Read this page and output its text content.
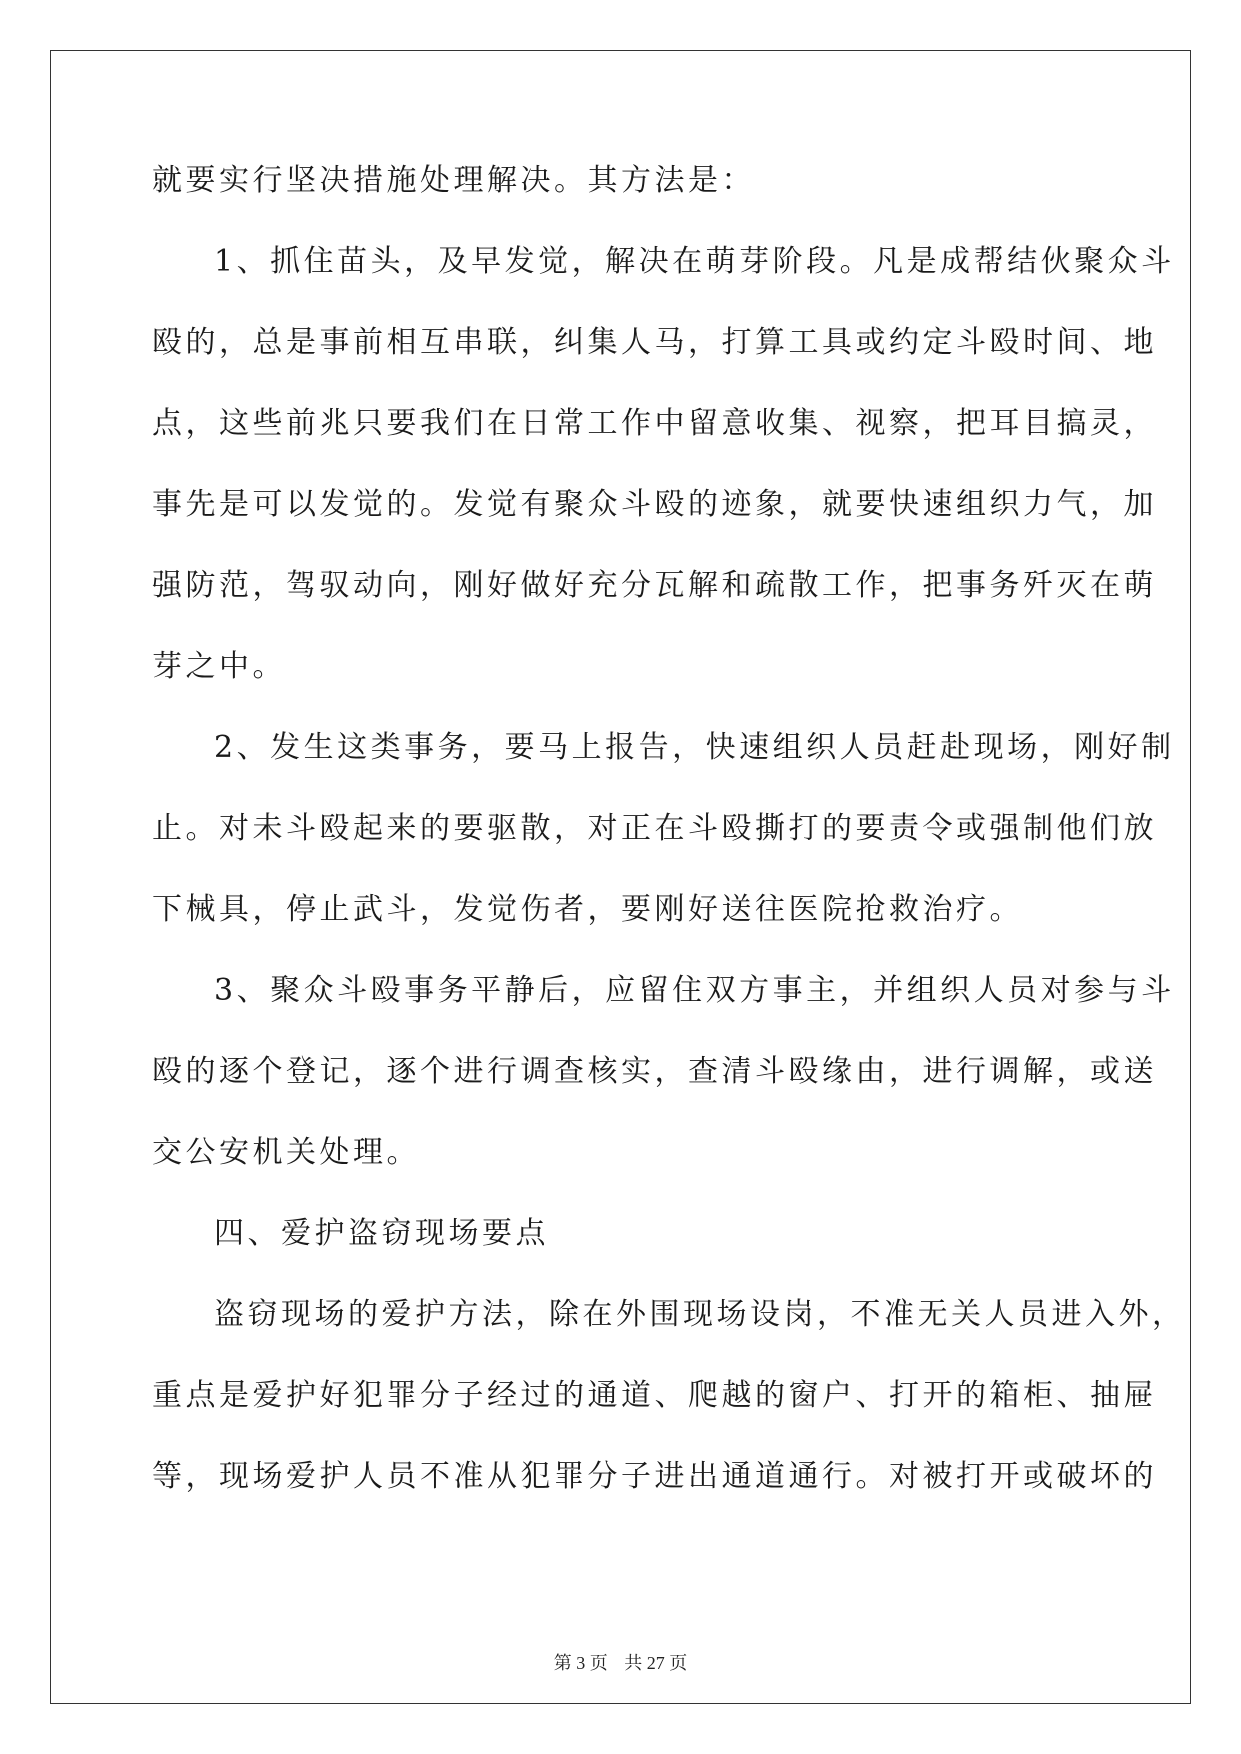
就要实行坚决措施处理解决。其方法是：
1、抓住苗头，及早发觉，解决在萌芽阶段。凡是成帮结伙聚众斗
殴的，总是事前相互串联，纠集人马，打算工具或约定斗殴时间、地
点，这些前兆只要我们在日常工作中留意收集、视察，把耳目搞灵，
事先是可以发觉的。发觉有聚众斗殴的迹象，就要快速组织力气，加
强防范，驾驭动向，刚好做好充分瓦解和疏散工作，把事务歼灭在萌
芽之中。
2、发生这类事务，要马上报告，快速组织人员赶赴现场，刚好制
止。对未斗殴起来的要驱散，对正在斗殴撕打的要责令或强制他们放
下械具，停止武斗，发觉伤者，要刚好送往医院抢救治疗。
3、聚众斗殴事务平静后，应留住双方事主，并组织人员对参与斗
殴的逐个登记，逐个进行调查核实，查清斗殴缘由，进行调解，或送
交公安机关处理。
四、爱护盗窃现场要点
盗窃现场的爱护方法，除在外围现场设岗，不准无关人员进入外，
重点是爱护好犯罪分子经过的通道、爬越的窗户、打开的箱柜、抽屉
等，现场爱护人员不准从犯罪分子进出通道通行。对被打开或破坏的
第 3 页 共 27 页
